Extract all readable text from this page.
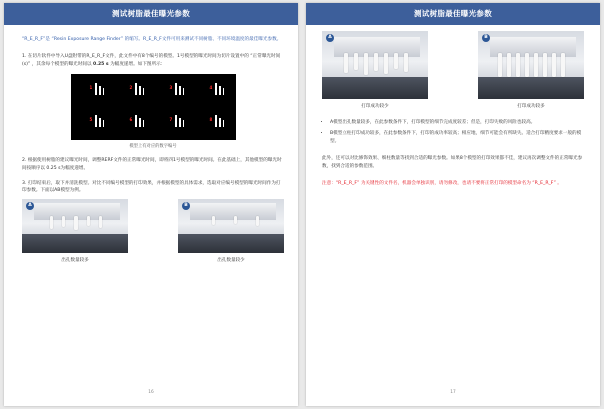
测试树脂最佳曝光参数

“R_E_R_F”是 “Resin Exposure Range Finder” 的缩写。R_E_R_F文件可用来测试不同树脂、不同环境温度的最佳曝光参数。

1. 在切片软件中导入U盘附带的R_E_R_F文件，此文件中有8个编号的模型。1号模型的曝光时间为切片设置中的 “正常曝光时间(s)” ，其余每个模型的曝光时间以 0.25 s 为幅度递增。如下图所示：

1	2	3	4
5	6	7	8
模型上有对应的数字编号

2. 根据使用树脂的建议曝光时间，调整RERF文件的正常曝光时间，即将四1号模型的曝光时间。在此基础上，其他模型的曝光时间按顺序以 0.25 s为幅度递增。

3. 打印结束后，取下并清洗模型。对比不同编号模型的打印效果，并根据模型的具体需求，选取对应编号模型的曝光时间作为打印参数。下面以AB模型为例。

A
出孔数量较多
B
出孔数量较少
16
测试树脂最佳曝光参数
A
打印成功较少
B
打印成功较多
• A模型出孔数量较多，在此参数条件下，打印模型的细节完成度较差；但是，打印失败的风险也较高。
• B模型立柱打印成功较多，在此参数条件下，打印的成功率较高；相应地，细节可能会有所缺失。适合打印精度要求一般的模型。

此外，还可以对比修饰效果、细柱数量等找到合适的曝光参数。如果8个模型的打印效果都不佳，建议再次调整文件的正常曝光参数，找到合适的参数范围。

注意：“R_E_R_F” 为关键性的文件名，机器会单独识别，请勿修改，也请不要将正常打印的模型命名为 “R_E_R_F” 。

17
